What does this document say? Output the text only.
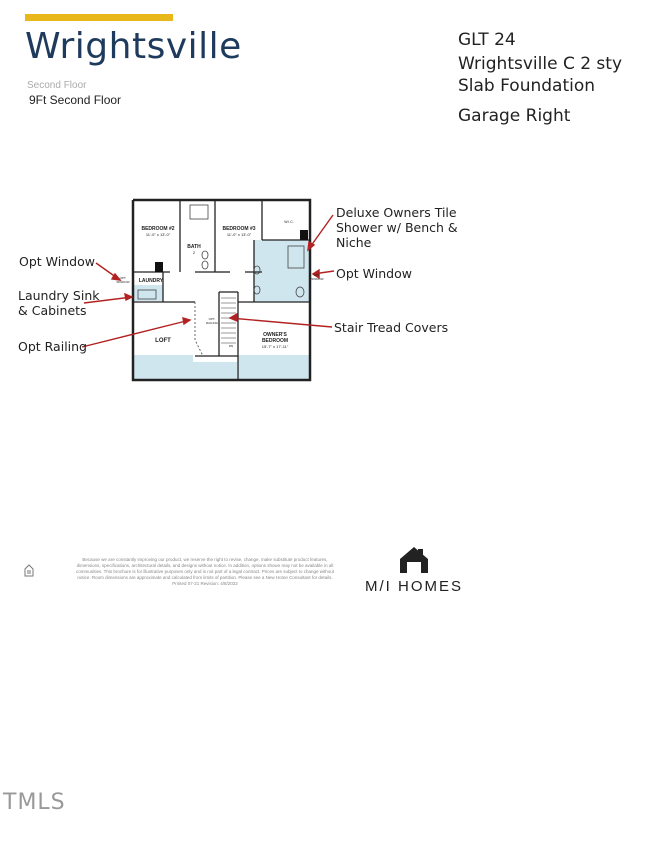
Wrightsville
Second Floor
9Ft Second Floor
GLT 24
Wrightsville C 2 sty
Slab Foundation
Garage Right
BEDROOM #2
11'-0" x 13'-0"
BEDROOM #3
11'-0" x 13'-0"
BATH
2
LAUNDRY
LOFT
OWNER'S
BEDROOM
15'-7" x 17'-11"
W.I.C.
OPT. WINDOW
OPT. WINDOW
OPT. RAILING
DN
Deluxe Owners Tile
Shower w/ Bench &
Niche
Opt Window
Opt Window
Laundry Sink
& Cabinets
Stair Tread Covers
Opt Railing
Because we are constantly improving our product, we reserve the right to revise, change, make substitute product features, dimensions, specifications, architectural details, and designs without notice. In addition, options shown may not be available in all communities. This brochure is for illustrative purposes only and is not part of a legal contract. Prices are subject to change without notice. Room dimensions are approximate and calculated from limits of partition. Please see a New Home Consultant for details. Printed 07-21 Revision: 4/8/2022	M/I HOMES
TMLS
